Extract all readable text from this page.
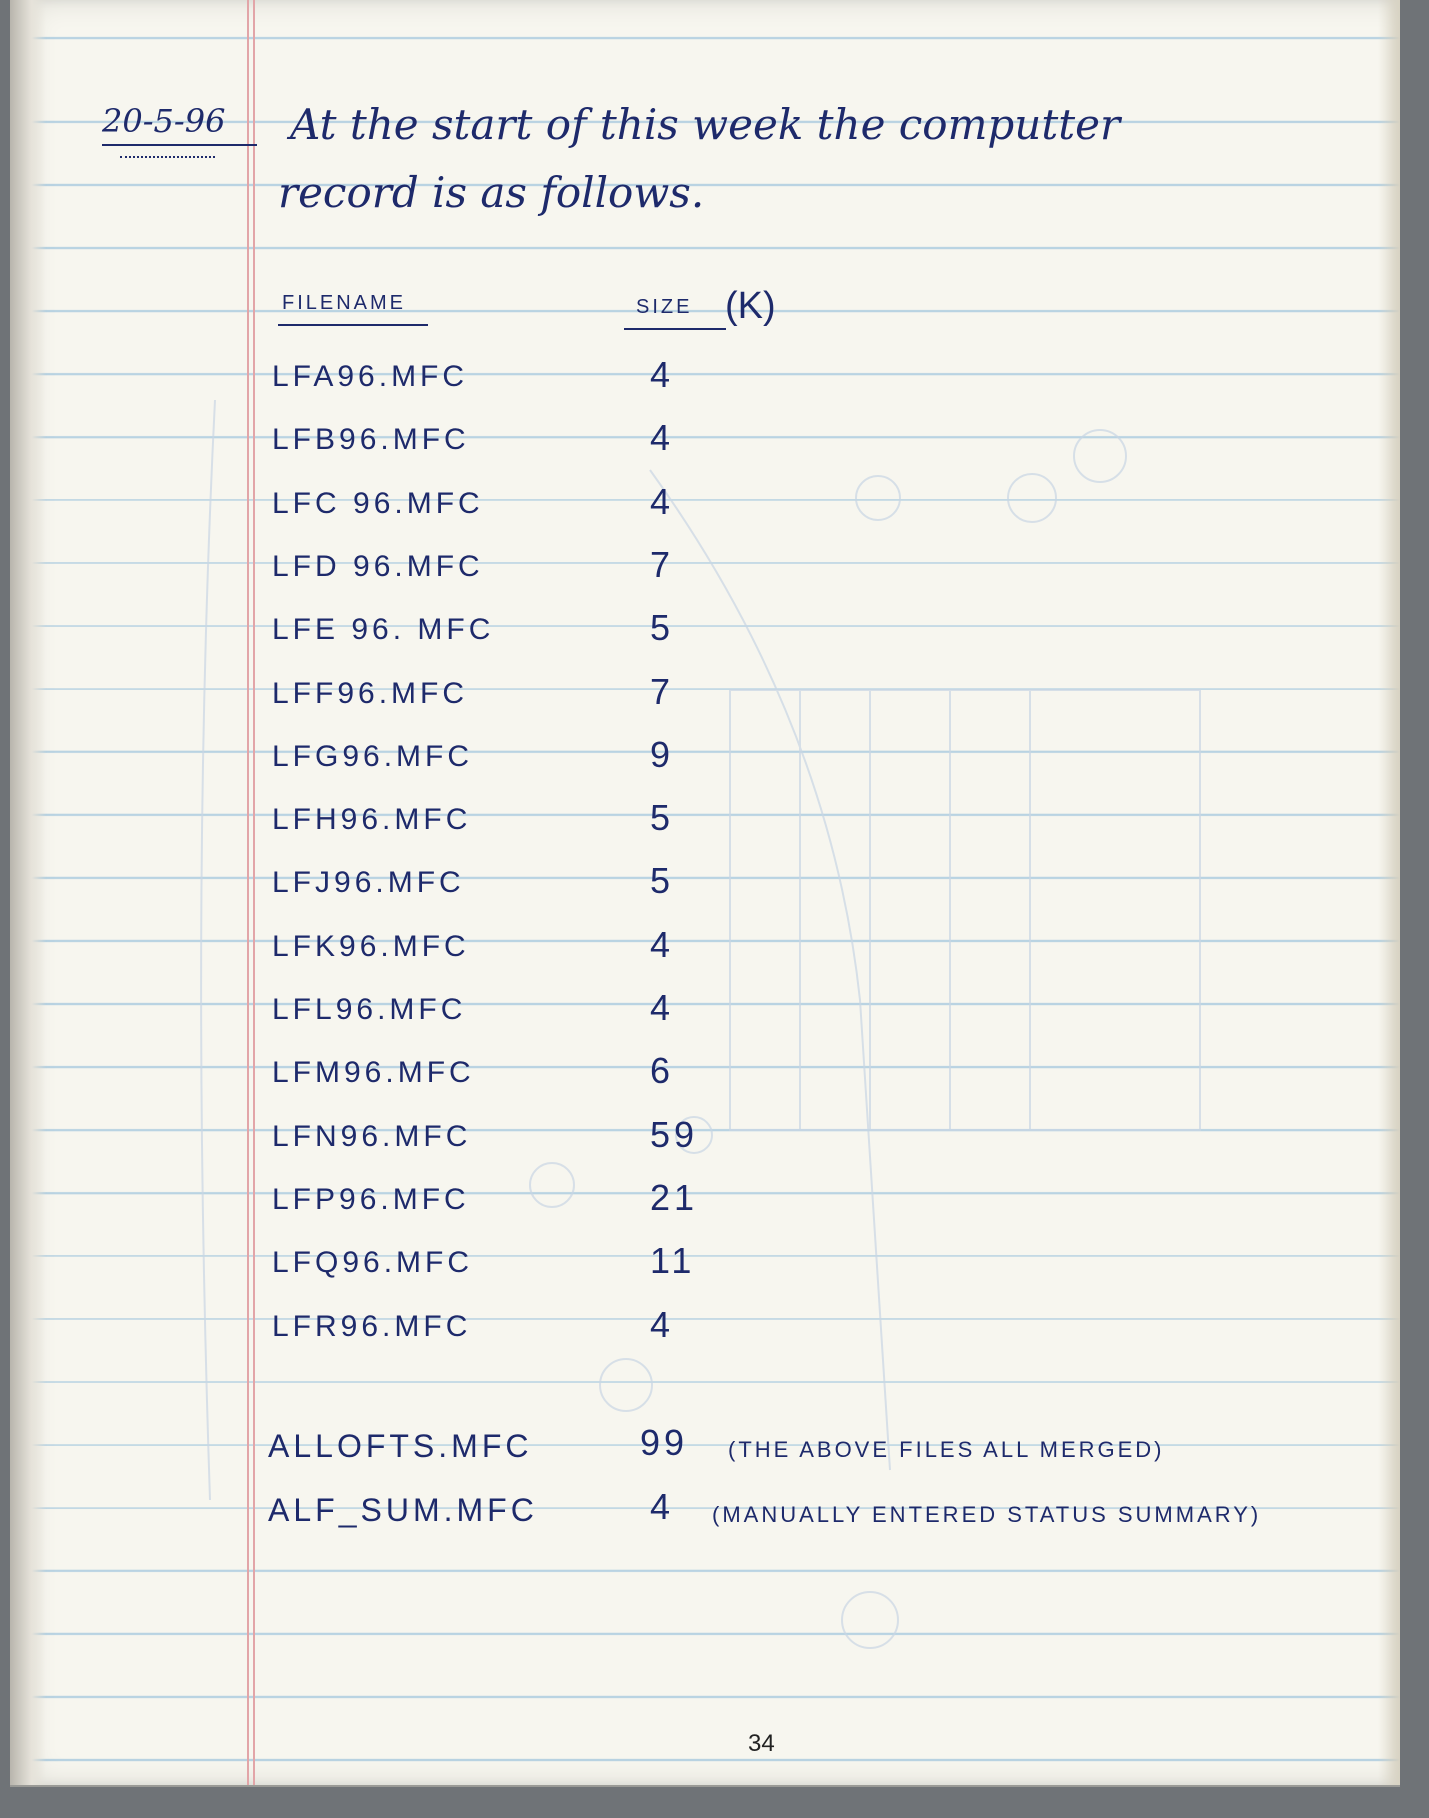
20-5-96 At the start of this week the computter
record is as follows.
FILENAME	SIZE (K)
LFA96.MFC	4
LFB96.MFC	4
LFC 96.MFC	4
LFD 96.MFC	7
LFE 96. MFC	5
LFF96.MFC	7
LFG96.MFC	9
LFH96.MFC	5
LFJ96.MFC	5
LFK96.MFC	4
LFL96.MFC	4
LFM96.MFC	6
LFN96.MFC	59
LFP96.MFC	21
LFQ96.MFC	11
LFR96.MFC	4
ALLOFTS.MFC	99 (THE ABOVE FILES ALL MERGED)
ALF_SUM.MFC	4 (MANUALLY ENTERED STATUS SUMMARY)
34
